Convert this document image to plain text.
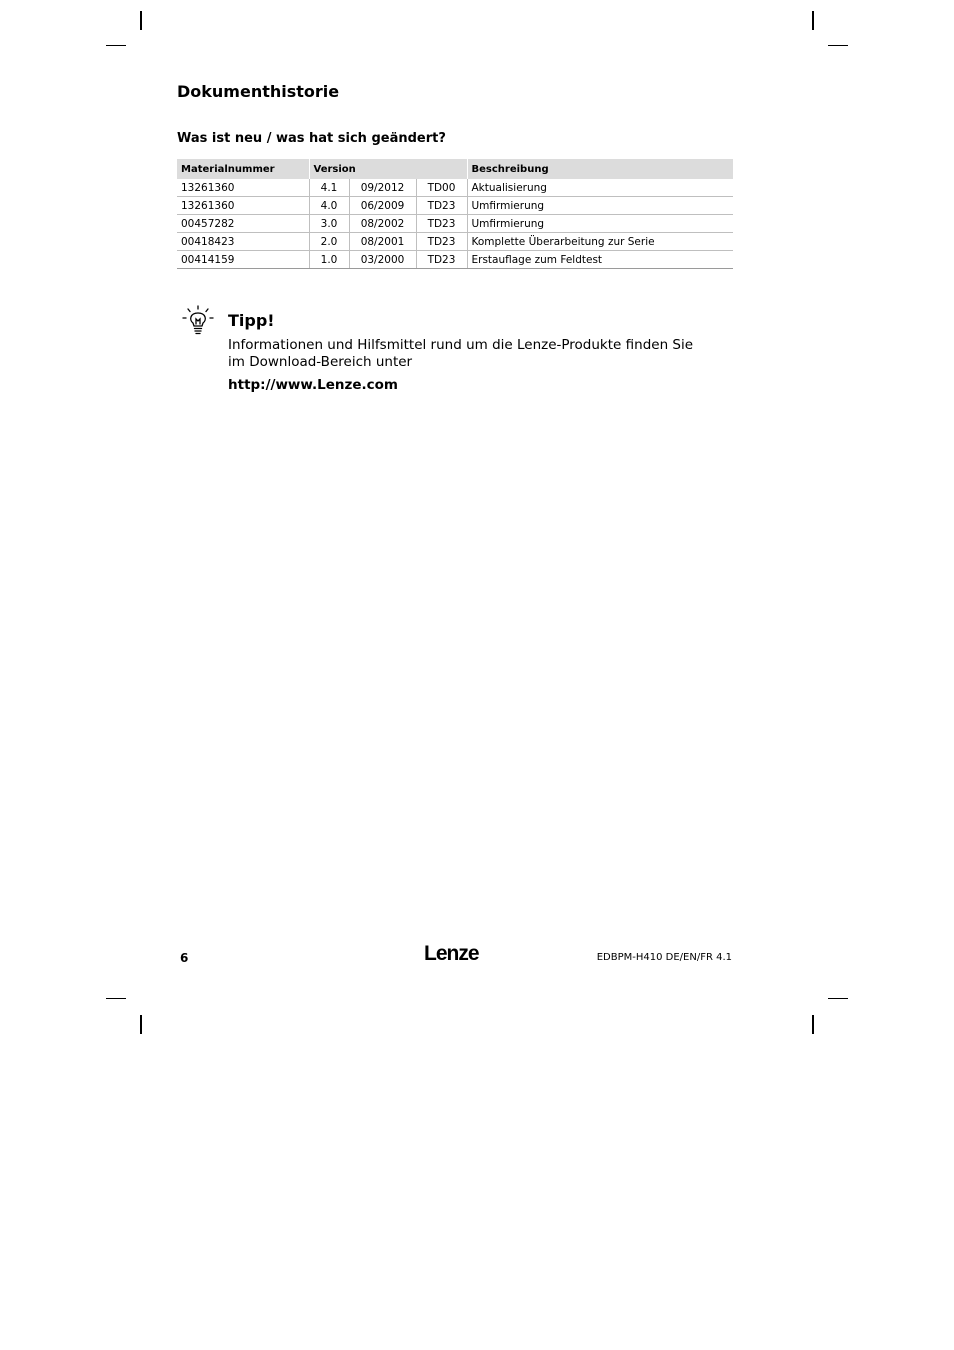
Dokumenthistorie
Was ist neu / was hat sich geändert?
Materialnummer	Version			Beschreibung
13261360	4.1	09/2012	TD00	Aktualisierung
13261360	4.0	06/2009	TD23	Umfirmierung
00457282	3.0	08/2002	TD23	Umfirmierung
00418423	2.0	08/2001	TD23	Komplette Überarbeitung zur Serie
00414159	1.0	03/2000	TD23	Erstauflage zum Feldtest
Tipp!

Informationen und Hilfsmittel rund um die Lenze-Produkte finden Sie im Download-Bereich unter

http://www.Lenze.com

6	Lenze	EDBPM-H410 DE/EN/FR 4.1
